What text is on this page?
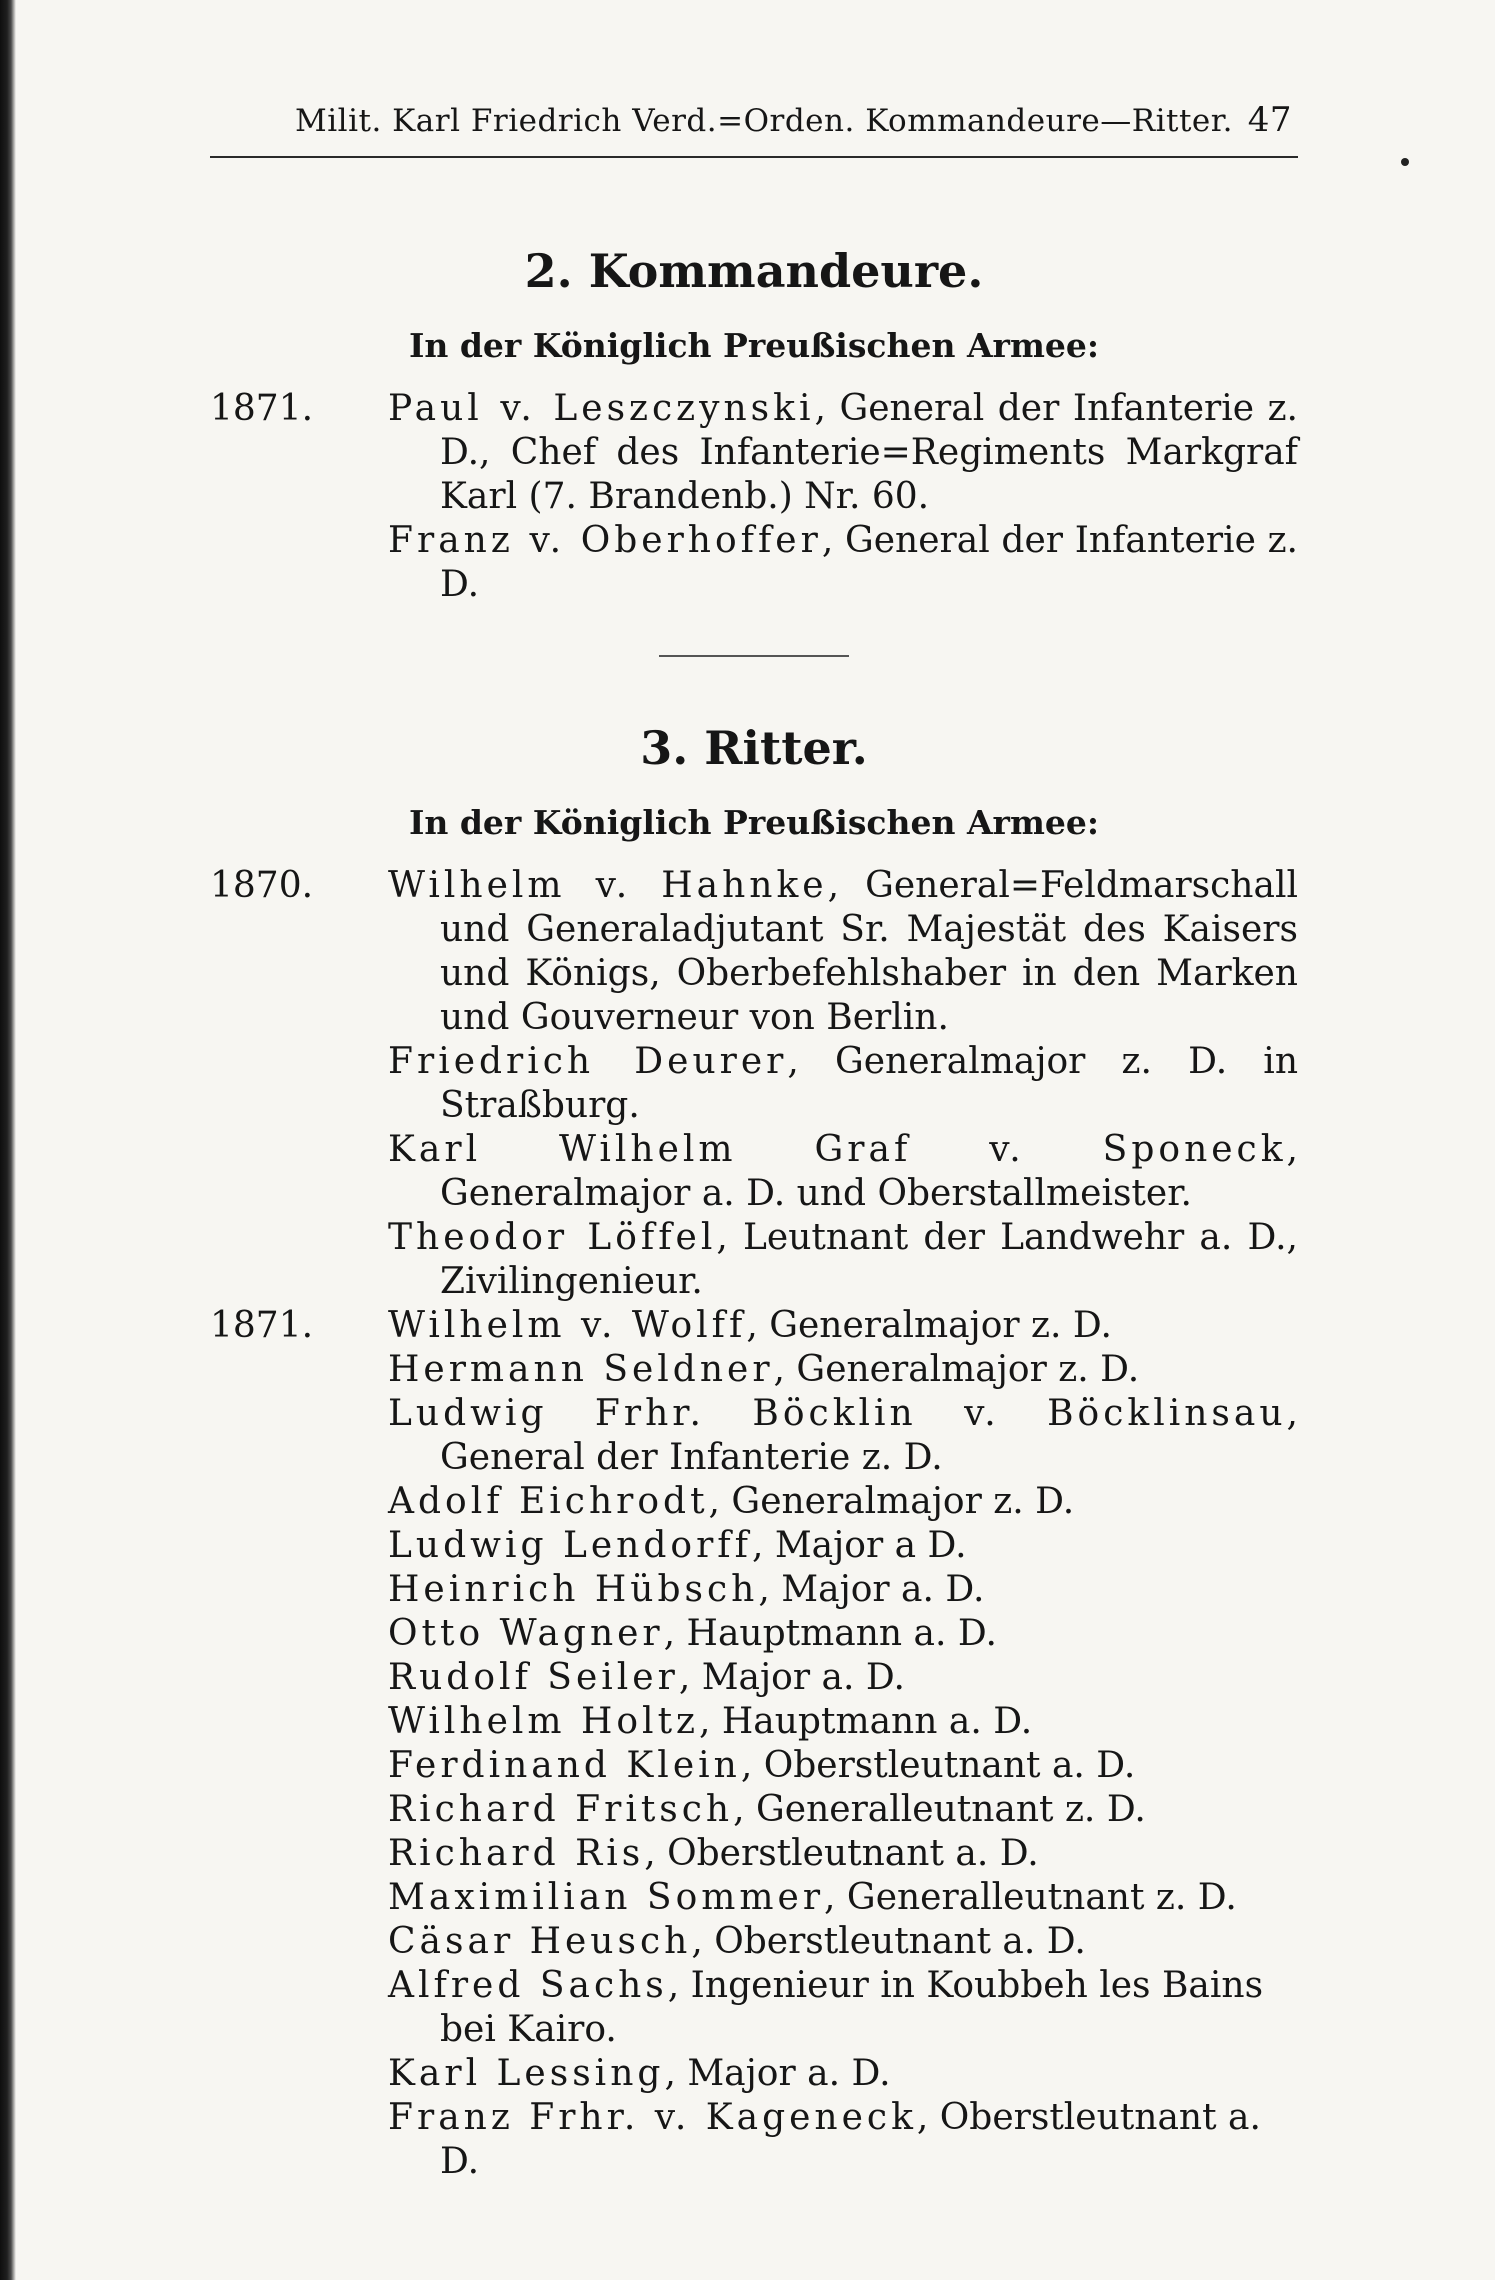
Milit. Karl Friedrich Verd.=Orden. Kommandeure—Ritter. 47
2. Kommandeure.
In der Königlich Preußischen Armee:
1871. Paul v. Leszczynski, General der Infanterie z. D., Chef des Infanterie=Regiments Markgraf Karl (7. Brandenb.) Nr. 60.
Franz v. Oberhoffer, General der Infanterie z. D.
3. Ritter.
In der Königlich Preußischen Armee:
1870. Wilhelm v. Hahnke, General=Feldmarschall und Generaladjutant Sr. Majestät des Kaisers und Königs, Oberbefehlshaber in den Marken und Gouverneur von Berlin.
Friedrich Deurer, Generalmajor z. D. in Straßburg.
Karl Wilhelm Graf v. Sponeck, Generalmajor a. D. und Oberstallmeister.
Theodor Löffel, Leutnant der Landwehr a. D., Zivilingenieur.
1871. Wilhelm v. Wolff, Generalmajor z. D.
Hermann Seldner, Generalmajor z. D.
Ludwig Frhr. Böcklin v. Böcklinsau, General der Infanterie z. D.
Adolf Eichrodt, Generalmajor z. D.
Ludwig Lendorff, Major a D.
Heinrich Hübsch, Major a. D.
Otto Wagner, Hauptmann a. D.
Rudolf Seiler, Major a. D.
Wilhelm Holtz, Hauptmann a. D.
Ferdinand Klein, Oberstleutnant a. D.
Richard Fritsch, Generalleutnant z. D.
Richard Ris, Oberstleutnant a. D.
Maximilian Sommer, Generalleutnant z. D.
Cäsar Heusch, Oberstleutnant a. D.
Alfred Sachs, Ingenieur in Koubbeh les Bains bei Kairo.
Karl Lessing, Major a. D.
Franz Frhr. v. Kageneck, Oberstleutnant a. D.
